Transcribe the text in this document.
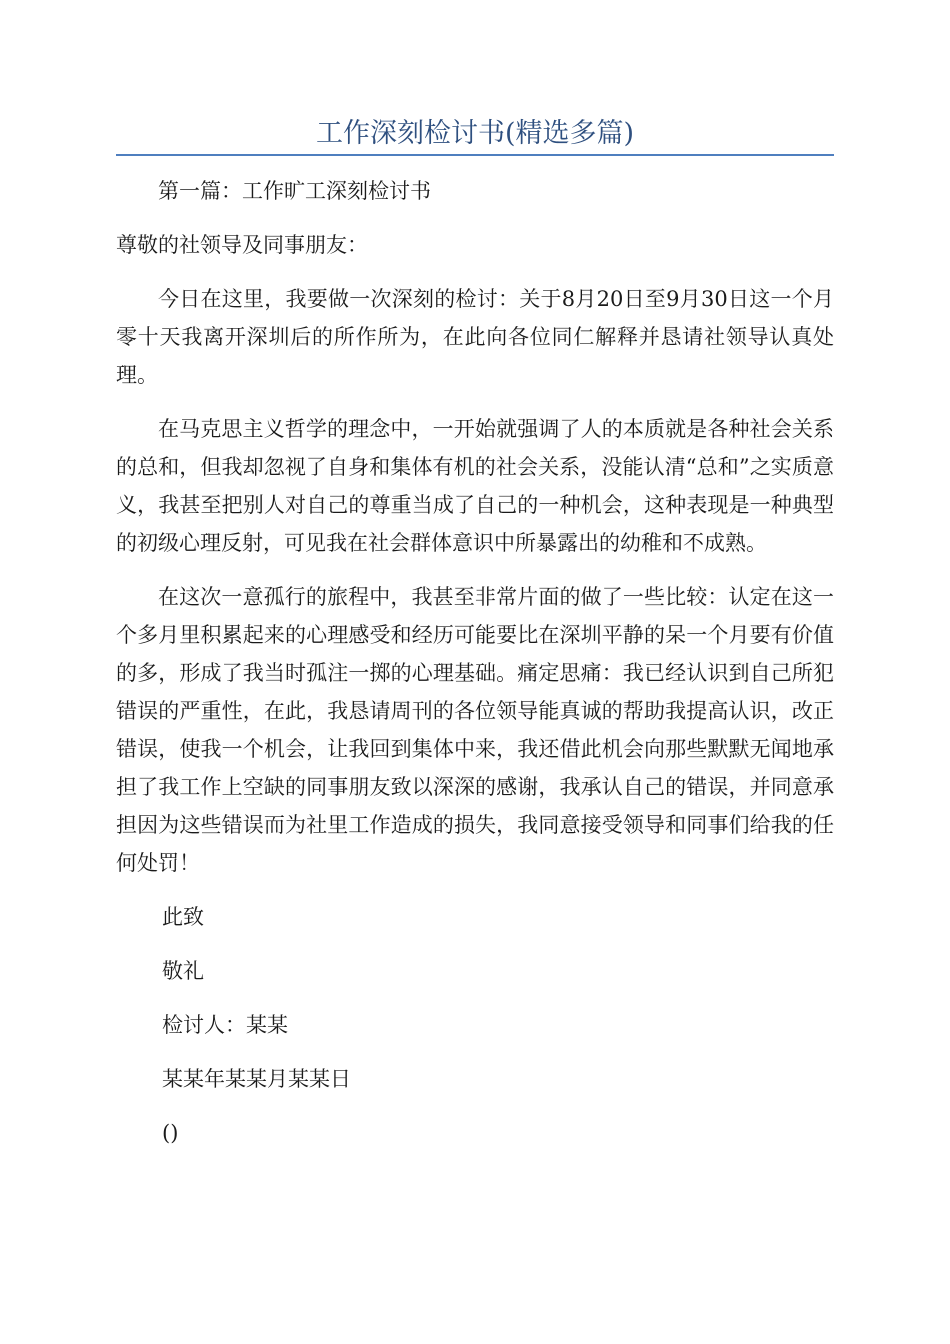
工作深刻检讨书(精选多篇)

第一篇：工作旷工深刻检讨书

尊敬的社领导及同事朋友：

今日在这里，我要做一次深刻的检讨：关于8月20日至9月30日这一个月零十天我离开深圳后的所作所为，在此向各位同仁解释并恳请社领导认真处理。

在马克思主义哲学的理念中，一开始就强调了人的本质就是各种社会关系的总和，但我却忽视了自身和集体有机的社会关系，没能认清“总和”之实质意义，我甚至把别人对自己的尊重当成了自己的一种机会，这种表现是一种典型的初级心理反射，可见我在社会群体意识中所暴露出的幼稚和不成熟。

在这次一意孤行的旅程中，我甚至非常片面的做了一些比较：认定在这一个多月里积累起来的心理感受和经历可能要比在深圳平静的呆一个月要有价值的多，形成了我当时孤注一掷的心理基础。痛定思痛：我已经认识到自己所犯错误的严重性，在此，我恳请周刊的各位领导能真诚的帮助我提高认识，改正错误，使我一个机会，让我回到集体中来，我还借此机会向那些默默无闻地承担了我工作上空缺的同事朋友致以深深的感谢，我承认自己的错误，并同意承担因为这些错误而为社里工作造成的损失，我同意接受领导和同事们给我的任何处罚！

此致

敬礼

检讨人：某某

某某年某某月某某日

()
